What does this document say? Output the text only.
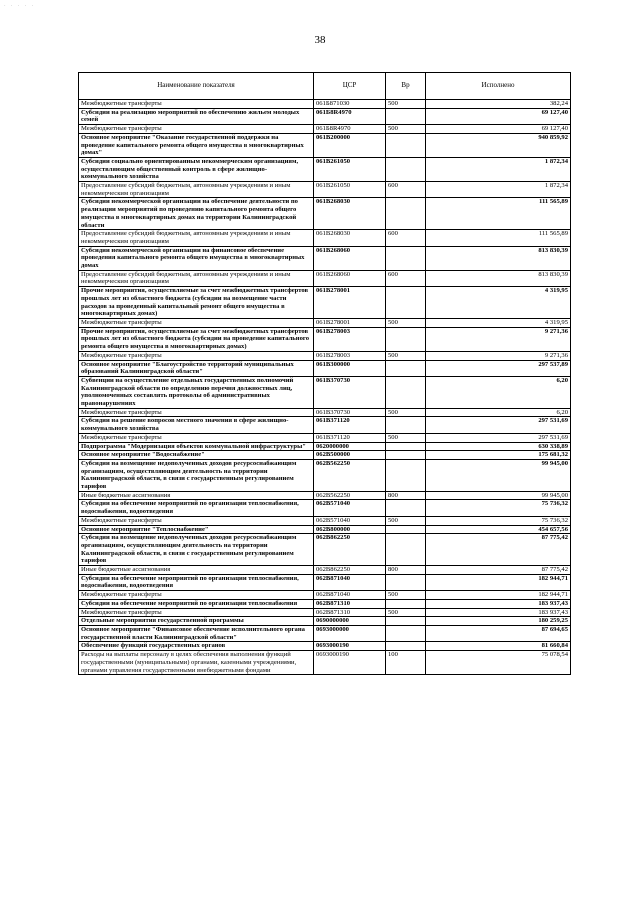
· · · · ·
38
Наименование показателя	ЦСР	Вр	Исполнено
Межбюджетные трансферты	061Б871030	500	382,24
Субсидии на реализацию мероприятий по обеспечению жильем молодых семей	061Б8R4970		69 127,40
Межбюджетные трансферты	061Б8R4970	500	69 127,40
Основное мероприятие "Оказание государственной поддержки на проведение капитального ремонта общего имущества в многоквартирных домах"	061B200000		940 859,92
Субсидии социально ориентированным некоммерческим организациям, осуществляющим общественный контроль в сфере жилищно-коммунального хозяйства	061B261050		1 872,34
Предоставление субсидий бюджетным, автономным учреждениям и иным некоммерческим организациям	061B261050	600	1 872,34
Субсидии некоммерческой организации на обеспечение деятельности по реализации мероприятий по проведению капитального ремонта общего имущества в многоквартирных домах на территории Калининградской области	061B268030		111 565,89
Предоставление субсидий бюджетным, автономным учреждениям и иным некоммерческим организациям	061B268030	600	111 565,89
Субсидии некоммерческой организации на финансовое обеспечение проведения капитального ремонта общего имущества в многоквартирных домах	061B268060		813 830,39
Предоставление субсидий бюджетным, автономным учреждениям и иным некоммерческим организациям	061B268060	600	813 830,39
Прочие мероприятия, осуществляемые за счет межбюджетных трансфертов прошлых лет из областного бюджета (субсидии на возмещение части расходов за проведенный капитальный ремонт общего имущества в многоквартирных домах)	061B278001		4 319,95
Межбюджетные трансферты	061B278001	500	4 319,95
Прочие мероприятия, осуществляемые за счет межбюджетных трансфертов прошлых лет из областного бюджета (субсидии на проведение капитального ремонта общего имущества в многоквартирных домах)	061B278003		9 271,36
Межбюджетные трансферты	061B278003	500	9 271,36
Основное мероприятие "Благоустройство территорий муниципальных образований Калининградской области"	061B300000		297 537,89
Субвенции на осуществление отдельных государственных полномочий Калининградской области по определению перечня должностных лиц, уполномоченных составлять протоколы об административных правонарушениях	061B370730		6,20
Межбюджетные трансферты	061B370730	500	6,20
Субсидии на решение вопросов местного значения в сфере жилищно-коммунального хозяйства	061B371120		297 531,69
Межбюджетные трансферты	061B371120	500	297 531,69
Подпрограмма "Модернизация объектов коммунальной инфраструктуры"	0620000000		630 338,89
Основное мероприятие "Водоснабжение"	062B500000		175 681,32
Субсидии на возмещение недополученных доходов ресурсоснабжающим организациям, осуществляющим деятельность на территории Калининградской области, в связи с государственным регулированием тарифов	062B562250		99 945,00
Иные бюджетные ассигнования	062B562250	800	99 945,00
Субсидии на обеспечение мероприятий по организации теплоснабжения, водоснабжения, водоотведения	062B571040		75 736,32
Межбюджетные трансферты	062B571040	500	75 736,32
Основное мероприятие "Теплоснабжение"	062B800000		454 657,56
Субсидии на возмещение недополученных доходов ресурсоснабжающим организациям, осуществляющим деятельность на территории Калининградской области, в связи с государственным регулированием тарифов	062B862250		87 775,42
Иные бюджетные ассигнования	062B862250	800	87 775,42
Субсидии на обеспечение мероприятий по организации теплоснабжения, водоснабжения, водоотведения	062B871040		182 944,71
Межбюджетные трансферты	062B871040	500	182 944,71
Субсидии на обеспечение мероприятий по организации теплоснабжения	062B871310		183 937,43
Межбюджетные трансферты	062B871310	500	183 937,43
Отдельные мероприятия государственной программы	0690000000		180 259,25
Основное мероприятие "Финансовое обеспечение исполнительного органа государственной власти Калининградской области"	0693000000		87 694,65
Обеспечение функций государственных органов	0693000190		81 660,84
Расходы на выплаты персоналу в целях обеспечения выполнения функций государственными (муниципальными) органами, казенными учреждениями, органами управления государственными внебюджетными фондами	0693000190	100	75 078,54
